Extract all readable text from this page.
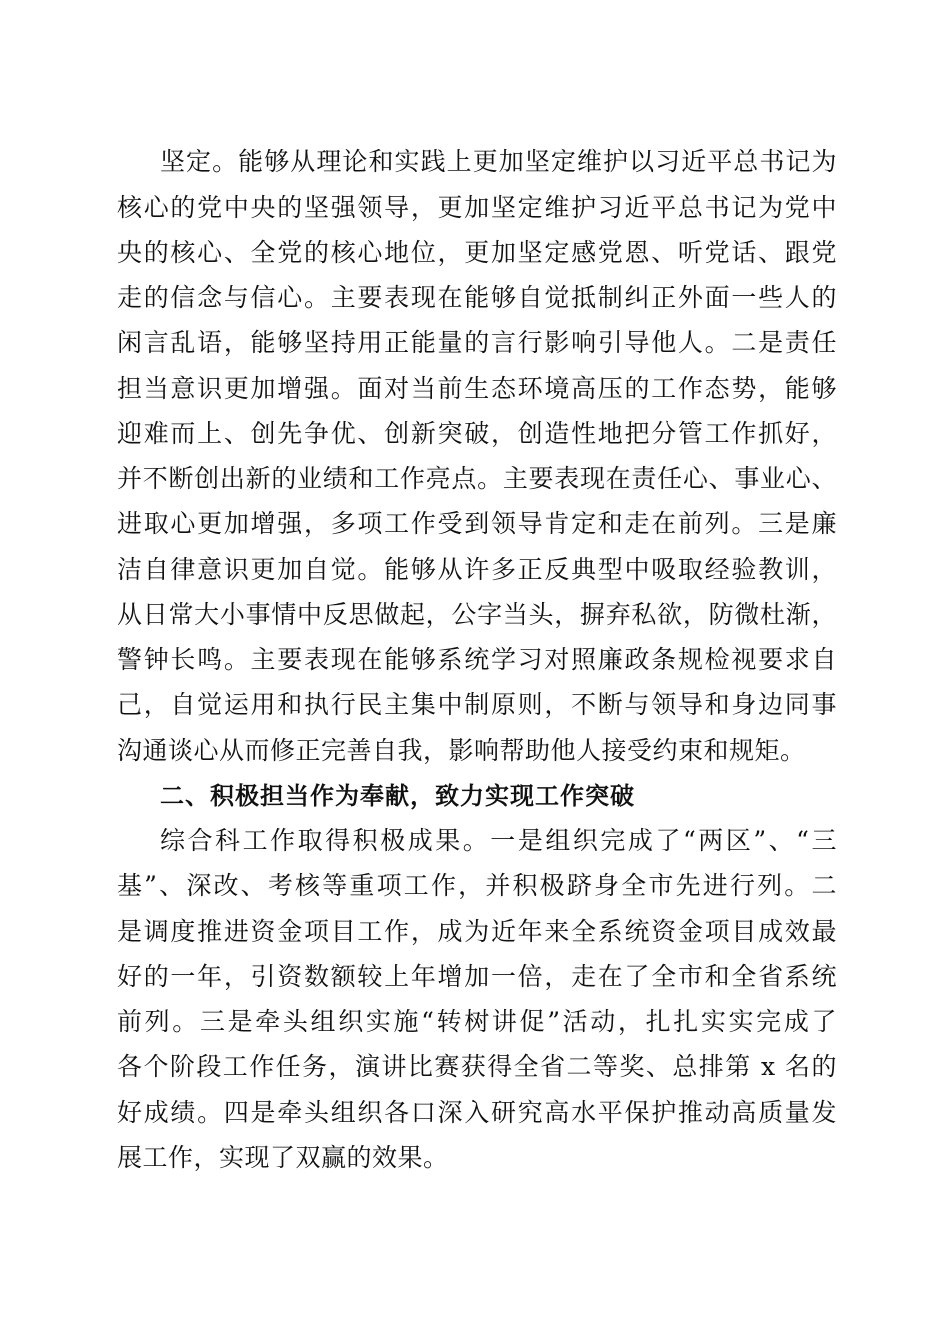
坚定。能够从理论和实践上更加坚定维护以习近平总书记为
核心的党中央的坚强领导，更加坚定维护习近平总书记为党中
央的核心、全党的核心地位，更加坚定感党恩、听党话、跟党
走的信念与信心。主要表现在能够自觉抵制纠正外面一些人的
闲言乱语，能够坚持用正能量的言行影响引导他人。二是责任
担当意识更加增强。面对当前生态环境高压的工作态势，能够
迎难而上、创先争优、创新突破，创造性地把分管工作抓好，
并不断创出新的业绩和工作亮点。主要表现在责任心、事业心、
进取心更加增强，多项工作受到领导肯定和走在前列。三是廉
洁自律意识更加自觉。能够从许多正反典型中吸取经验教训，
从日常大小事情中反思做起，公字当头，摒弃私欲，防微杜渐，
警钟长鸣。主要表现在能够系统学习对照廉政条规检视要求自
己，自觉运用和执行民主集中制原则，不断与领导和身边同事
沟通谈心从而修正完善自我，影响帮助他人接受约束和规矩。
二、积极担当作为奉献，致力实现工作突破
综合科工作取得积极成果。一是组织完成了“两区”、“三
基”、深改、考核等重项工作，并积极跻身全市先进行列。二
是调度推进资金项目工作，成为近年来全系统资金项目成效最
好的一年，引资数额较上年增加一倍，走在了全市和全省系统
前列。三是牵头组织实施“转树讲促”活动，扎扎实实完成了
各个阶段工作任务，演讲比赛获得全省二等奖、总排第 x 名的
好成绩。四是牵头组织各口深入研究高水平保护推动高质量发
展工作，实现了双赢的效果。
